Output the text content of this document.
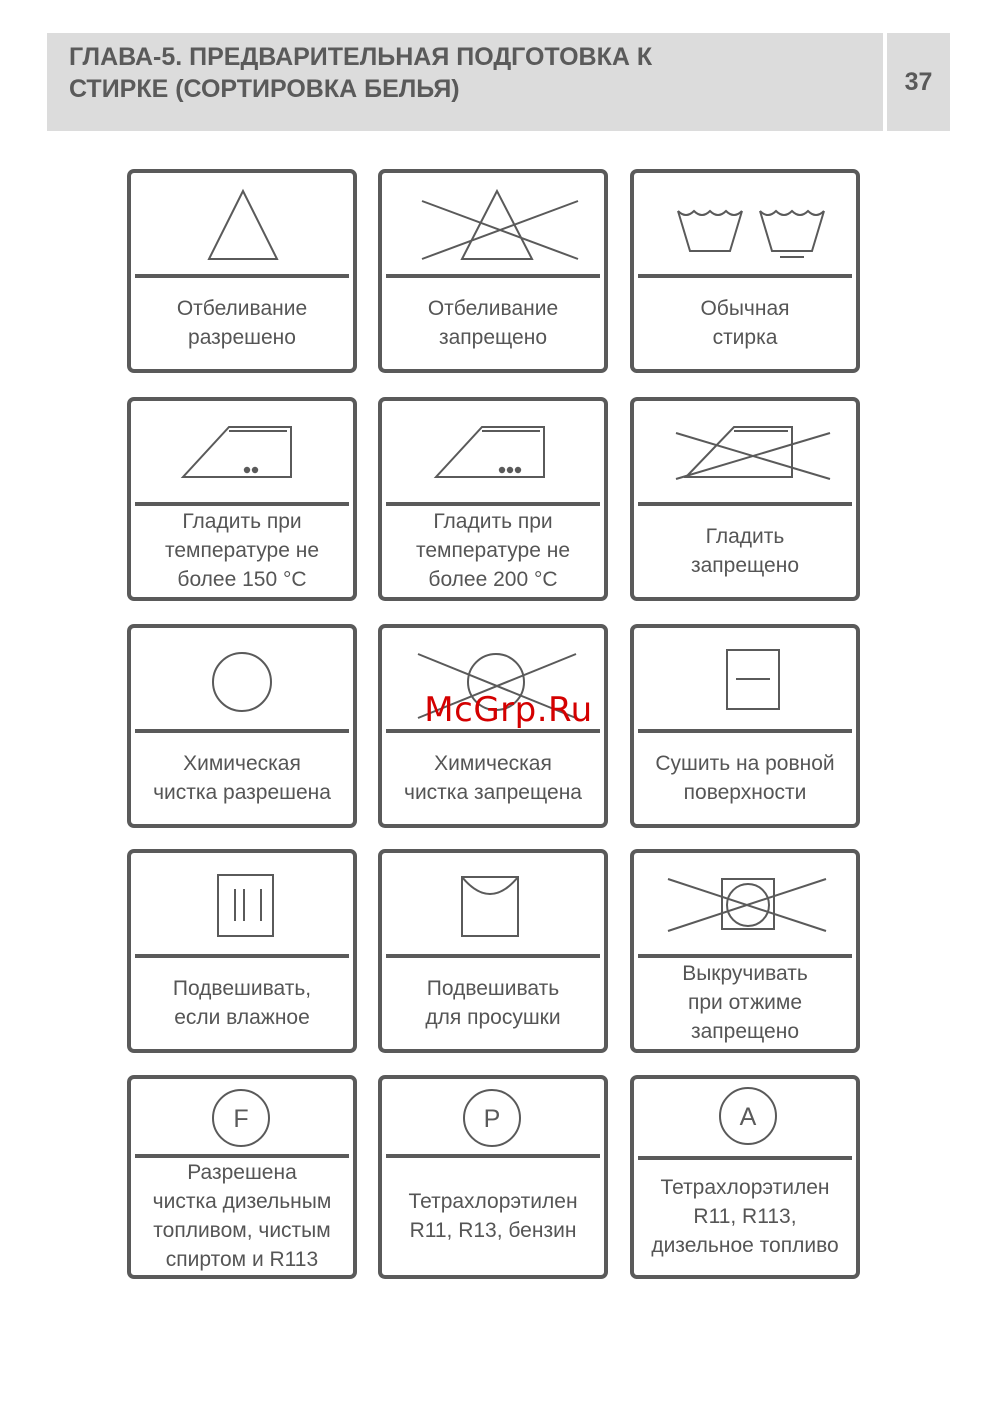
ГЛАВА-5. ПРЕДВАРИТЕЛЬНАЯ ПОДГОТОВКА К
СТИРКЕ (СОРТИРОВКА БЕЛЬЯ)	37
Отбеливание
разрешено
Отбеливание
запрещено
Обычная
стирка
Гладить при
температуре не
более 150 °С
Гладить при
температуре не
более 200 °С
Гладить
запрещено
Химическая
чистка разрешена
Химическая
чистка запрещена
Сушить на ровной
поверхности
Подвешивать,
если влажное
Подвешивать
для просушки
Выкручивать
при отжиме
запрещено
F
Разрешена
чистка дизельным
топливом, чистым
спиртом и R113
P
Тетрахлорэтилен
R11, R13, бензин
A
Тетрахлорэтилен
R11, R113,
дизельное топливо
McGrp.Ru
